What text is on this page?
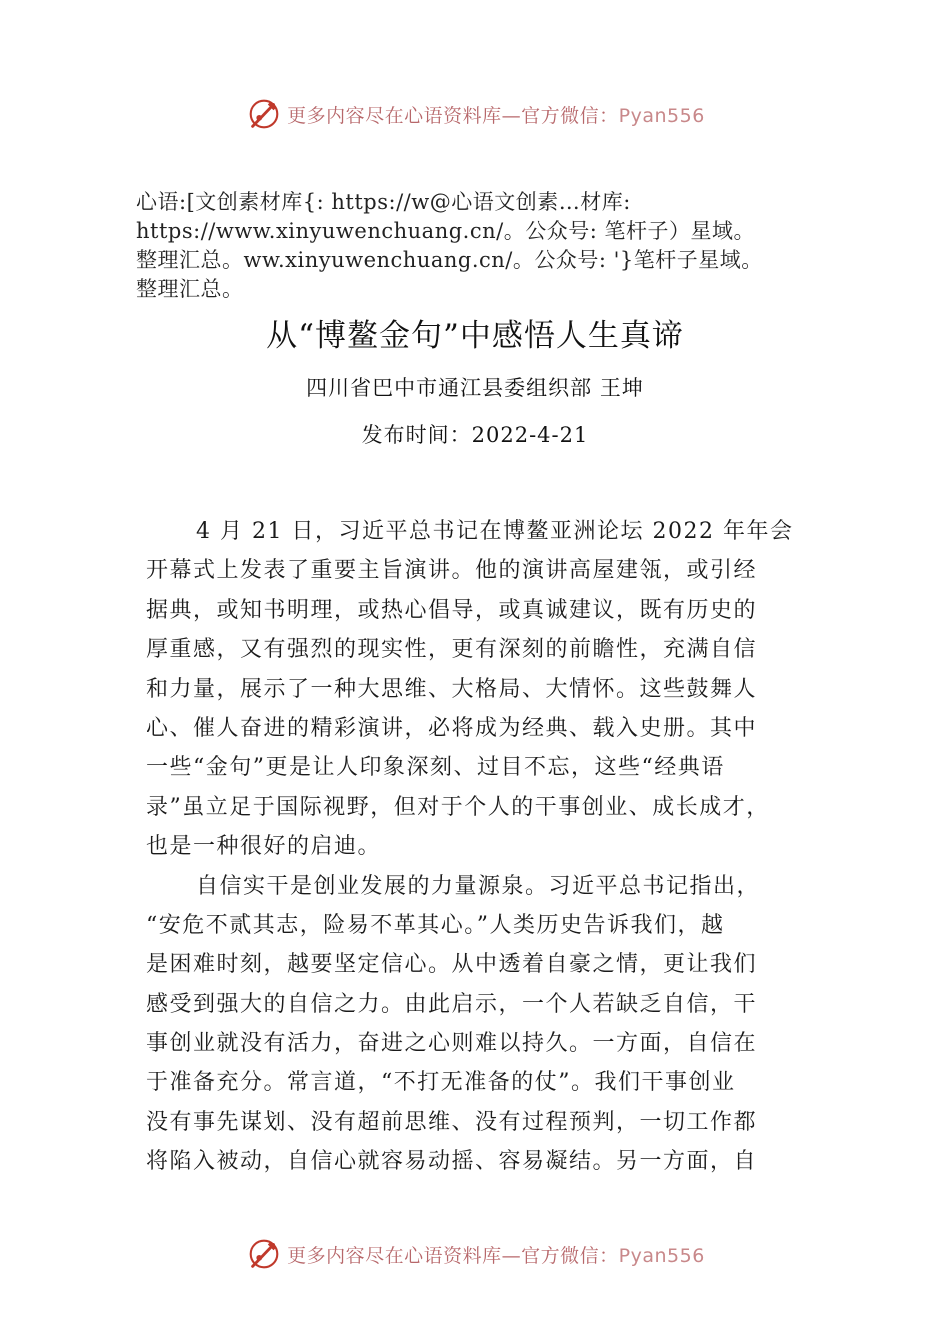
更多内容尽在心语资料库—官方微信：Pyan556
心语:[文创素材库{: https://w@心语文创素…材库:
https://www.xinyuwenchuang.cn/。公众号: 笔杆子）星域。
整理汇总。ww.xinyuwenchuang.cn/。公众号: '}笔杆子星域。
整理汇总。
从“博鳌金句”中感悟人生真谛
四川省巴中市通江县委组织部 王坤
发布时间：2022-4-21
4 月 21 日，习近平总书记在博鳌亚洲论坛 2022 年年会
开幕式上发表了重要主旨演讲。他的演讲高屋建瓴，或引经
据典，或知书明理，或热心倡导，或真诚建议，既有历史的
厚重感，又有强烈的现实性，更有深刻的前瞻性，充满自信
和力量，展示了一种大思维、大格局、大情怀。这些鼓舞人
心、催人奋进的精彩演讲，必将成为经典、载入史册。其中
一些“金句”更是让人印象深刻、过目不忘，这些“经典语
录”虽立足于国际视野，但对于个人的干事创业、成长成才，
也是一种很好的启迪。
自信实干是创业发展的力量源泉。习近平总书记指出，
“安危不贰其志，险易不革其心。”人类历史告诉我们，越
是困难时刻，越要坚定信心。从中透着自豪之情，更让我们
感受到强大的自信之力。由此启示，一个人若缺乏自信，干
事创业就没有活力，奋进之心则难以持久。一方面，自信在
于准备充分。常言道，“不打无准备的仗”。我们干事创业
没有事先谋划、没有超前思维、没有过程预判，一切工作都
将陷入被动，自信心就容易动摇、容易凝结。另一方面，自
更多内容尽在心语资料库—官方微信：Pyan556
